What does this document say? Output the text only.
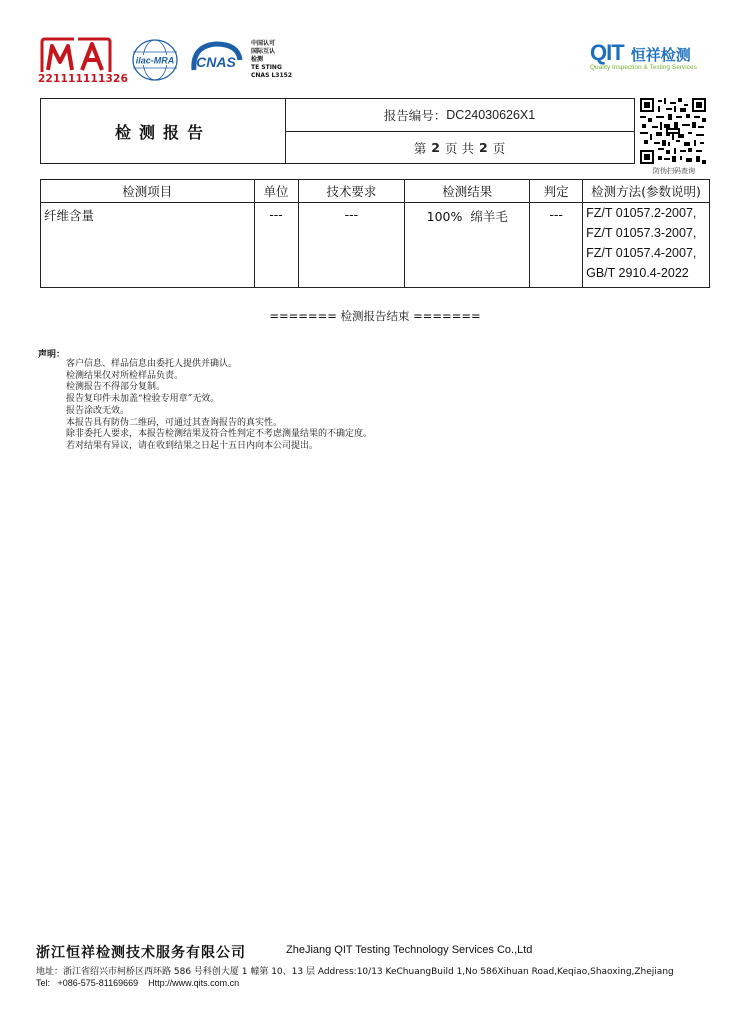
221111111326
ilac-MRA CNAS
中国认可
国际互认
检测
TE STING
CNAS L3152
QIT 恒祥检测
Quality Inspection & Testing Services
检测报告
报告编号： DC24030626X1
第 2 页 共 2 页
防伪扫码查询
检测项目	单位	技术要求	检测结果	判定	检测方法(参数说明)
纤维含量	---	---	100%  绵羊毛	---	FZ/T 01057.2-2007,
FZ/T 01057.3-2007,
FZ/T 01057.4-2007,
GB/T 2910.4-2022
======= 检测报告结束 =======
声明：
客户信息、样品信息由委托人提供并确认。
检测结果仅对所检样品负责。
检测报告不得部分复制。
报告复印件未加盖“检验专用章”无效。
报告涂改无效。
本报告具有防伪二维码，可通过其查询报告的真实性。
除非委托人要求，本报告检测结果及符合性判定不考虑测量结果的不确定度。
若对结果有异议，请在收到结果之日起十五日内向本公司提出。
浙江恒祥检测技术服务有限公司	ZheJiang QIT Testing Technology Services Co.,Ltd
地址：浙江省绍兴市柯桥区西环路 586 号科创大厦 1 幢第 10、13 层 Address:10/13 KeChuangBuild 1,No 586Xihuan Road,Keqiao,Shaoxing,Zhejiang
Tel:   +086-575-81169669    Http://www.qits.com.cn
